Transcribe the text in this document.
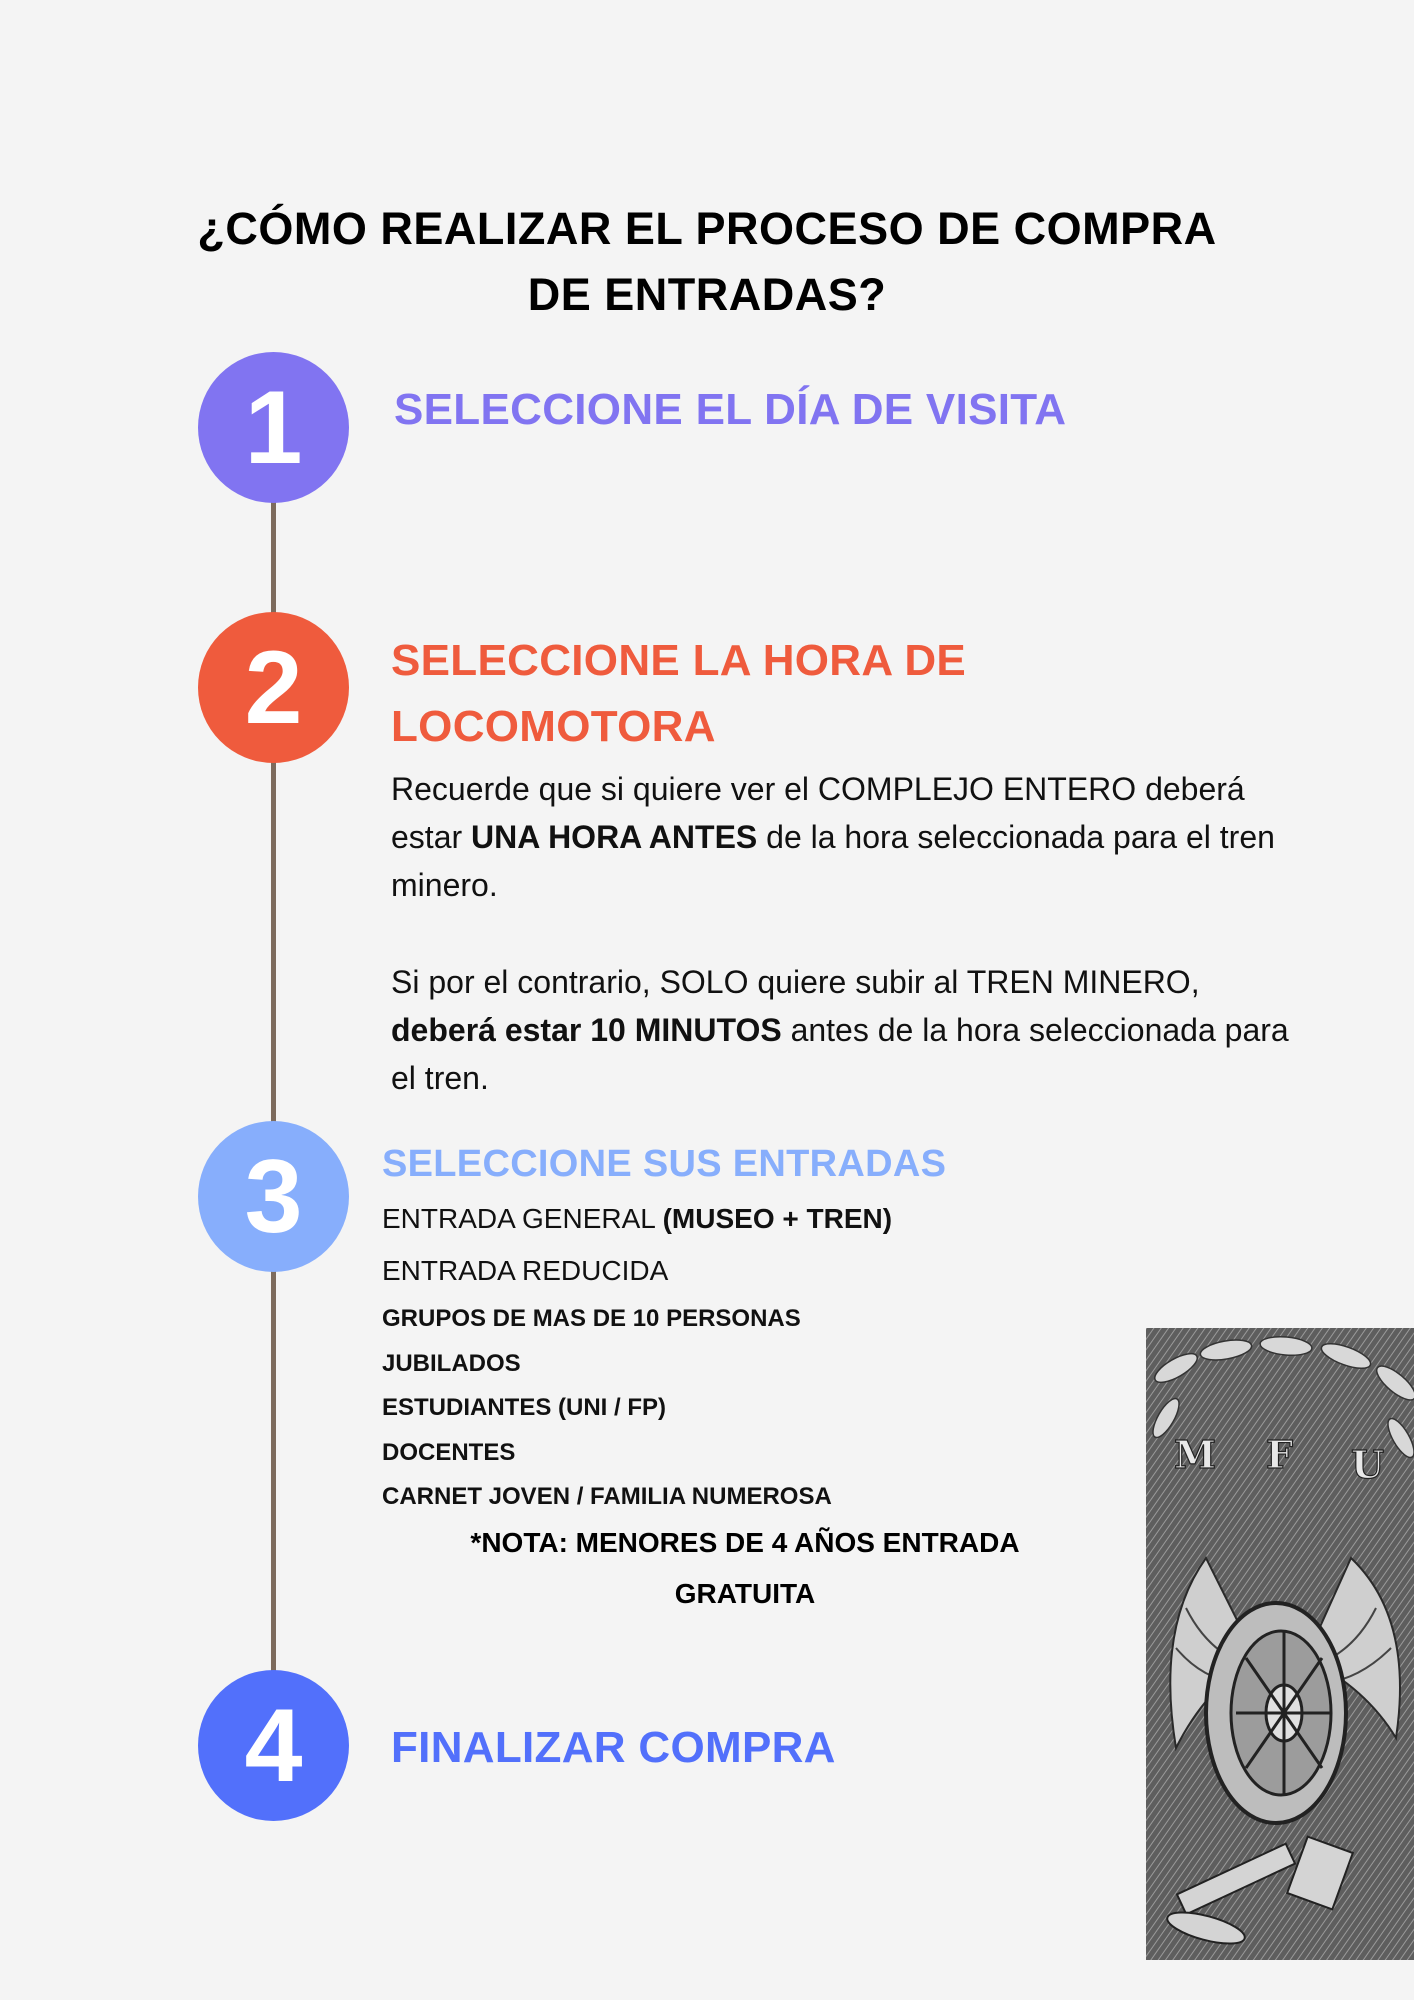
¿CÓMO REALIZAR EL PROCESO DE COMPRA
DE ENTRADAS?
1 SELECCIONE EL DÍA DE VISITA
2 SELECCIONE LA HORA DE
LOCOMOTORA
Recuerde que si quiere ver el COMPLEJO ENTERO deberá estar UNA HORA ANTES de la hora seleccionada para el tren minero.
Si por el contrario, SOLO quiere subir al TREN MINERO, deberá estar 10 MINUTOS antes de la hora seleccionada para el tren.
3 SELECCIONE SUS ENTRADAS
ENTRADA GENERAL (MUSEO + TREN)
ENTRADA REDUCIDA
GRUPOS DE MAS DE 10 PERSONAS
JUBILADOS
ESTUDIANTES (UNI / FP)
DOCENTES
CARNET JOVEN / FAMILIA NUMEROSA
*NOTA: MENORES DE 4 AÑOS ENTRADA
GRATUITA
4 FINALIZAR COMPRA
M F U
